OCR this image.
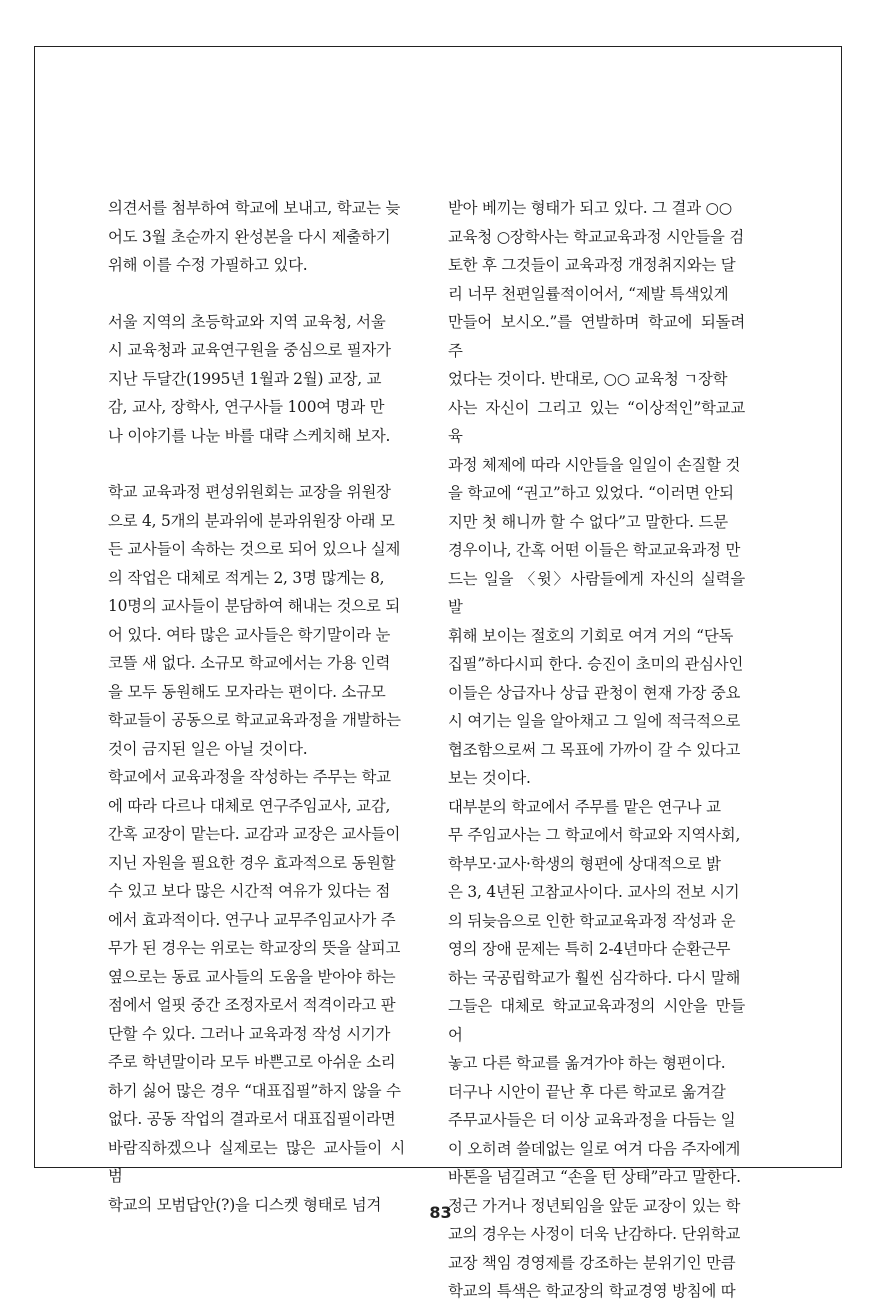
의견서를 첨부하여 학교에 보내고, 학교는 늦
어도 3월 초순까지 완성본을 다시 제출하기
위해 이를 수정 가필하고 있다.

서울 지역의 초등학교와 지역 교육청, 서울
시 교육청과 교육연구원을 중심으로 필자가
지난 두달간(1995년 1월과 2월) 교장, 교
감, 교사, 장학사, 연구사들 100여 명과 만
나 이야기를 나눈 바를 대략 스케치해 보자.

학교 교육과정 편성위원회는 교장을 위원장
으로 4, 5개의 분과위에 분과위원장 아래 모
든 교사들이 속하는 것으로 되어 있으나 실제
의 작업은 대체로 적게는 2, 3명 많게는 8,
10명의 교사들이 분담하여 해내는 것으로 되
어 있다. 여타 많은 교사들은 학기말이라 눈
코뜰 새 없다. 소규모 학교에서는 가용 인력
을 모두 동원해도 모자라는 편이다. 소규모
학교들이 공동으로 학교교육과정을 개발하는
것이 금지된 일은 아닐 것이다.

학교에서 교육과정을 작성하는 주무는 학교
에 따라 다르나 대체로 연구주임교사, 교감,
간혹 교장이 맡는다. 교감과 교장은 교사들이
지닌 자원을 필요한 경우 효과적으로 동원할
수 있고 보다 많은 시간적 여유가 있다는 점
에서 효과적이다. 연구나 교무주임교사가 주
무가 된 경우는 위로는 학교장의 뜻을 살피고
옆으로는 동료 교사들의 도움을 받아야 하는
점에서 얼핏 중간 조정자로서 적격이라고 판
단할 수 있다. 그러나 교육과정 작성 시기가
주로 학년말이라 모두 바쁜고로 아쉬운 소리
하기 싫어 많은 경우 “대표집필”하지 않을 수
없다. 공동 작업의 결과로서 대표집필이라면
바람직하겠으나 실제로는 많은 교사들이 시범
학교의 모범답안(?)을 디스켓 형태로 넘겨

받아 베끼는 형태가 되고 있다. 그 결과 ○○
교육청 ○장학사는 학교교육과정 시안들을 검
토한 후 그것들이 교육과정 개정취지와는 달
리 너무 천편일률적이어서, “제발 특색있게
만들어 보시오.”를 연발하며 학교에 되돌려 주
었다는 것이다. 반대로, ○○ 교육청 ㄱ장학
사는 자신이 그리고 있는 “이상적인”학교교육
과정 체제에 따라 시안들을 일일이 손질할 것
을 학교에 “권고”하고 있었다. “이러면 안되
지만 첫 해니까 할 수 없다”고 말한다. 드문
경우이나, 간혹 어떤 이들은 학교교육과정 만
드는 일을 〈윗〉사람들에게 자신의 실력을 발
휘해 보이는 절호의 기회로 여겨 거의 “단독
집필”하다시피 한다. 승진이 초미의 관심사인
이들은 상급자나 상급 관청이 현재 가장 중요
시 여기는 일을 알아채고 그 일에 적극적으로
협조함으로써 그 목표에 가까이 갈 수 있다고
보는 것이다.

대부분의 학교에서 주무를 맡은 연구나 교
무 주임교사는 그 학교에서 학교와 지역사회,
학부모·교사·학생의 형편에 상대적으로 밝
은 3, 4년된 고참교사이다. 교사의 전보 시기
의 뒤늦음으로 인한 학교교육과정 작성과 운
영의 장애 문제는 특히 2-4년마다 순환근무
하는 국공립학교가 훨씬 심각하다. 다시 말해
그들은 대체로 학교교육과정의 시안을 만들어
놓고 다른 학교를 옮겨가야 하는 형편이다.
더구나 시안이 끝난 후 다른 학교로 옮겨갈
주무교사들은 더 이상 교육과정을 다듬는 일
이 오히려 쓸데없는 일로 여겨 다음 주자에게
바톤을 넘길려고 “손을 턴 상태”라고 말한다.
정근 가거나 정년퇴임을 앞둔 교장이 있는 학
교의 경우는 사정이 더욱 난감하다. 단위학교
교장 책임 경영제를 강조하는 분위기인 만큼
학교의 특색은 학교장의 학교경영 방침에 따

83
